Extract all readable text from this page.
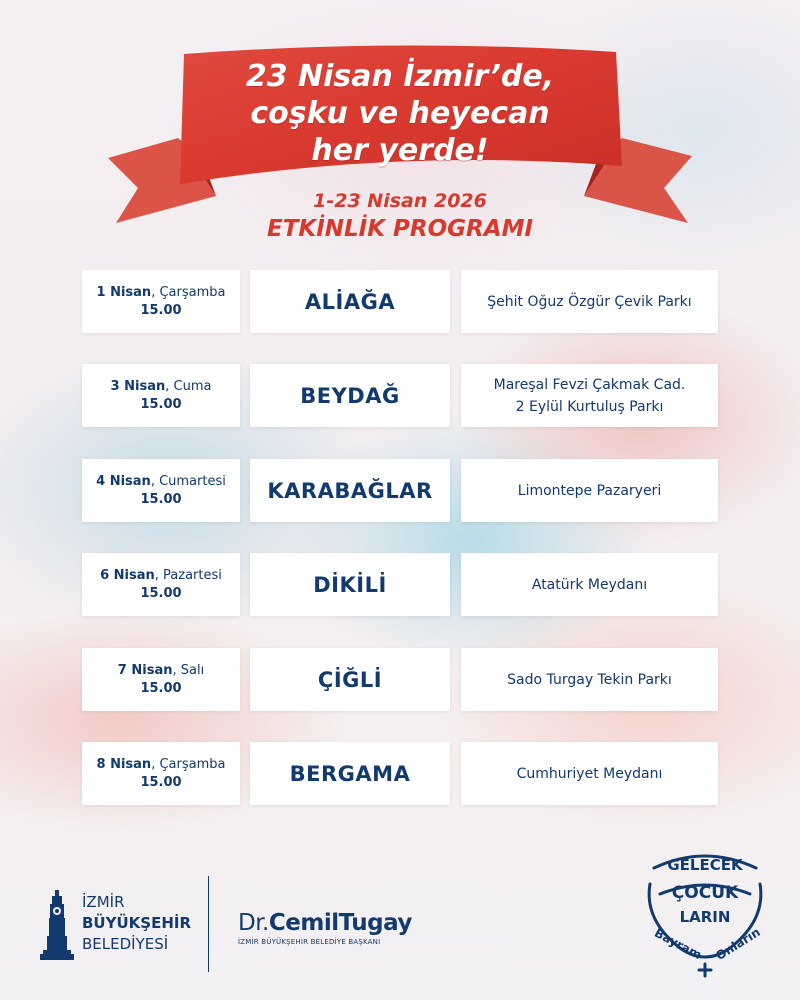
23 Nisan İzmir’de,
coşku ve heyecan
her yerde!

1-23 Nisan 2026

ETKİNLİK PROGRAMI

1 Nisan, Çarşamba
15.00	ALİAĞA	Şehit Oğuz Özgür Çevik Parkı
3 Nisan, Cuma
15.00	BEYDAĞ	Mareşal Fevzi Çakmak Cad.
2 Eylül Kurtuluş Parkı
4 Nisan, Cumartesi
15.00	KARABAĞLAR	Limontepe Pazaryeri
6 Nisan, Pazartesi
15.00	DİKİLİ	Atatürk Meydanı
7 Nisan, Salı
15.00	ÇİĞLİ	Sado Turgay Tekin Parkı
8 Nisan, Çarşamba
15.00	BERGAMA	Cumhuriyet Meydanı
İZMİR
BÜYÜKŞEHİR
BELEDİYESİ
Dr.CemilTugay
İZMİR BÜYÜKŞEHİR BELEDİYE BAŞKANI
GELECEK
ÇOCUK
LARIN
Bayram Onların
